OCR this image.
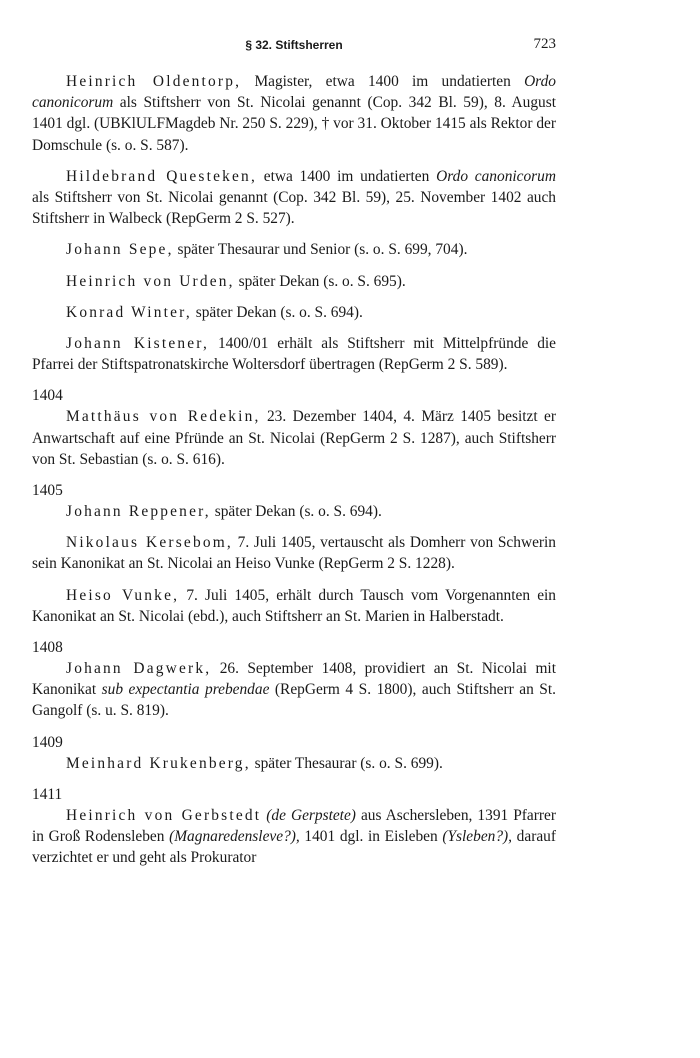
§ 32. Stiftsherren	723

Heinrich Oldentorp, Magister, etwa 1400 im undatierten Ordo canonicorum als Stiftsherr von St. Nicolai genannt (Cop. 342 Bl. 59), 8. August 1401 dgl. (UBKlULFMagdeb Nr. 250 S. 229), † vor 31. Oktober 1415 als Rektor der Domschule (s. o. S. 587).

Hildebrand Questeken, etwa 1400 im undatierten Ordo canonicorum als Stiftsherr von St. Nicolai genannt (Cop. 342 Bl. 59), 25. November 1402 auch Stiftsherr in Walbeck (RepGerm 2 S. 527).

Johann Sepe, später Thesaurar und Senior (s. o. S. 699, 704).

Heinrich von Urden, später Dekan (s. o. S. 695).

Konrad Winter, später Dekan (s. o. S. 694).

Johann Kistener, 1400/01 erhält als Stiftsherr mit Mittelpfründe die Pfarrei der Stiftspatronatskirche Woltersdorf übertragen (RepGerm 2 S. 589).

1404

Matthäus von Redekin, 23. Dezember 1404, 4. März 1405 besitzt er Anwartschaft auf eine Pfründe an St. Nicolai (RepGerm 2 S. 1287), auch Stiftsherr von St. Sebastian (s. o. S. 616).

1405

Johann Reppener, später Dekan (s. o. S. 694).

Nikolaus Kersebom, 7. Juli 1405, vertauscht als Domherr von Schwerin sein Kanonikat an St. Nicolai an Heiso Vunke (RepGerm 2 S. 1228).

Heiso Vunke, 7. Juli 1405, erhält durch Tausch vom Vorgenannten ein Kanonikat an St. Nicolai (ebd.), auch Stiftsherr an St. Marien in Halberstadt.

1408

Johann Dagwerk, 26. September 1408, providiert an St. Nicolai mit Kanonikat sub expectantia prebendae (RepGerm 4 S. 1800), auch Stiftsherr an St. Gangolf (s. u. S. 819).

1409

Meinhard Krukenberg, später Thesaurar (s. o. S. 699).

1411

Heinrich von Gerbstedt (de Gerpstete) aus Aschersleben, 1391 Pfarrer in Groß Rodensleben (Magnaredensleve?), 1401 dgl. in Eisleben (Ysleben?), darauf verzichtet er und geht als Prokurator
